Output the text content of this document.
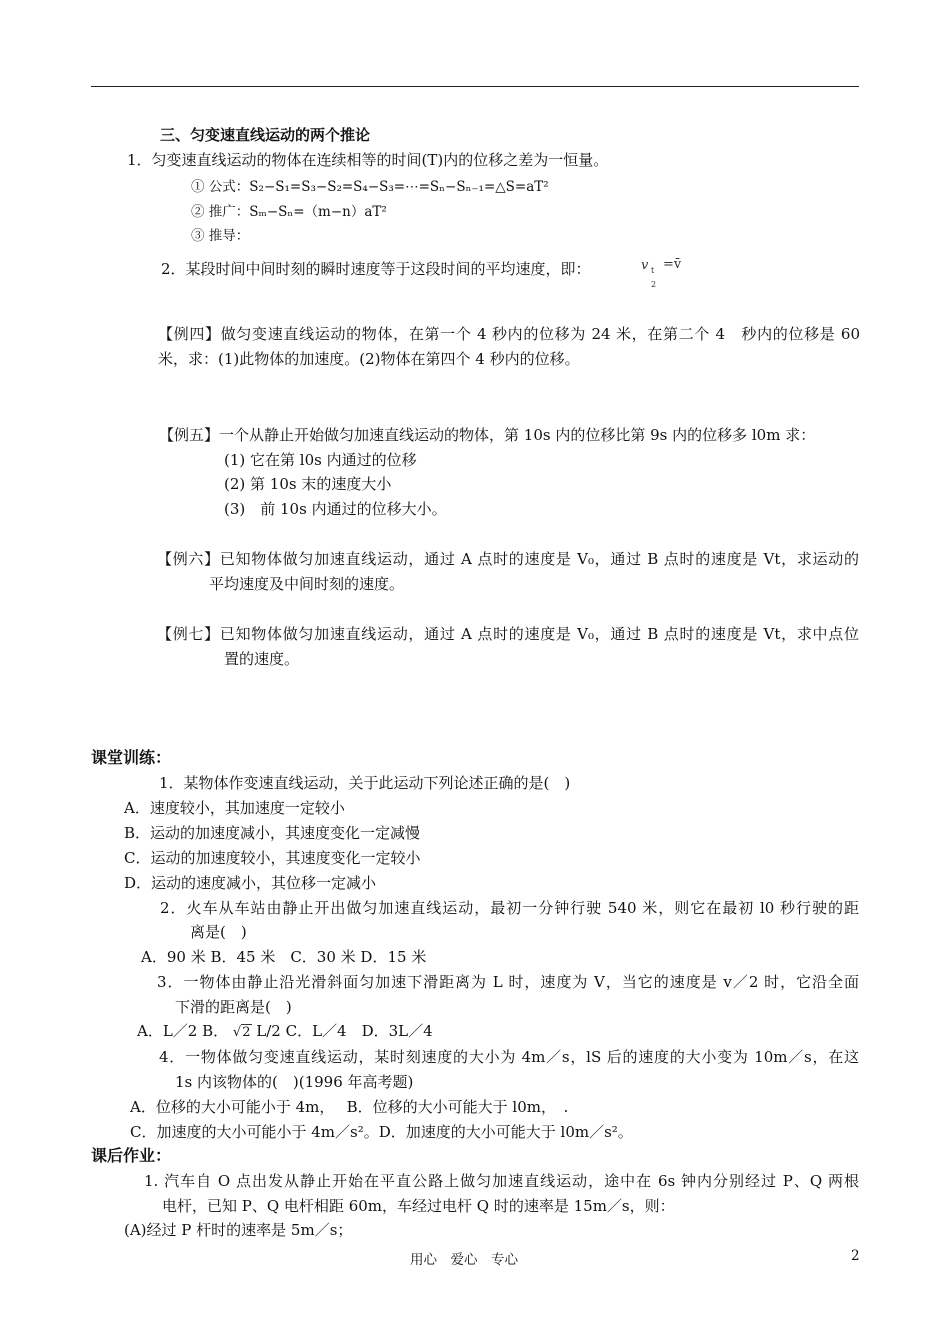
三、匀变速直线运动的两个推论
1．匀变速直线运动的物体在连续相等的时间(T)内的位移之差为一恒量。
① 公式：S₂−S₁=S₃−S₂=S₄−S₃=⋯=Sₙ−Sₙ₋₁=△S=aT²
② 推广：Sₘ−Sₙ=（m−n）aT²
③ 推导：
2．某段时间中间时刻的瞬时速度等于这段时间的平均速度，即：	v t
2
=v̄
【例四】做匀变速直线运动的物体，在第一个 4 秒内的位移为 24 米，在第二个 4　秒内的位移是 60
米，求：(1)此物体的加速度。(2)物体在第四个 4 秒内的位移。
【例五】一个从静止开始做匀加速直线运动的物体，第 10s 内的位移比第 9s 内的位移多 l0m 求：
(1) 它在第 l0s 内通过的位移
(2) 第 10s 末的速度大小
(3)　前 10s 内通过的位移大小。
【例六】已知物体做匀加速直线运动，通过 A 点时的速度是 V₀，通过 B 点时的速度是 Vt，求运动的
平均速度及中间时刻的速度。
【例七】已知物体做匀加速直线运动，通过 A 点时的速度是 V₀，通过 B 点时的速度是 Vt，求中点位
置的速度。
课堂训练：
1．某物体作变速直线运动，关于此运动下列论述正确的是(　)
A．速度较小，其加速度一定较小
B．运动的加速度减小，其速度变化一定减慢
C．运动的加速度较小，其速度变化一定较小
D．运动的速度减小，其位移一定减小
2．火车从车站由静止开出做匀加速直线运动，最初一分钟行驶 540 米，则它在最初 l0 秒行驶的距
离是(　)
A．90 米 B．45 米　C．30 米 D．15 米
3．一物体由静止沿光滑斜面匀加速下滑距离为 L 时，速度为 V，当它的速度是 v／2 时，它沿全面
下滑的距离是(　)
A．L／2 B． √2 L/2 C．L／4　D．3L／4
4．一物体做匀变速直线运动，某时刻速度的大小为 4m／s，lS 后的速度的大小变为 10m／s，在这
1s 内该物体的(　)(1996 年高考题)
A．位移的大小可能小于 4m，　 B．位移的大小可能大于 l0m，　.
C．加速度的大小可能小于 4m／s²。D．加速度的大小可能大于 l0m／s²。
课后作业：
1. 汽车自 O 点出发从静止开始在平直公路上做匀加速直线运动，途中在 6s 钟内分别经过 P、Q 两根
电杆，已知 P、Q 电杆相距 60m，车经过电杆 Q 时的速率是 15m／s，则：
(A)经过 P 杆时的速率是 5m／s；
用心　爱心　专心	2
